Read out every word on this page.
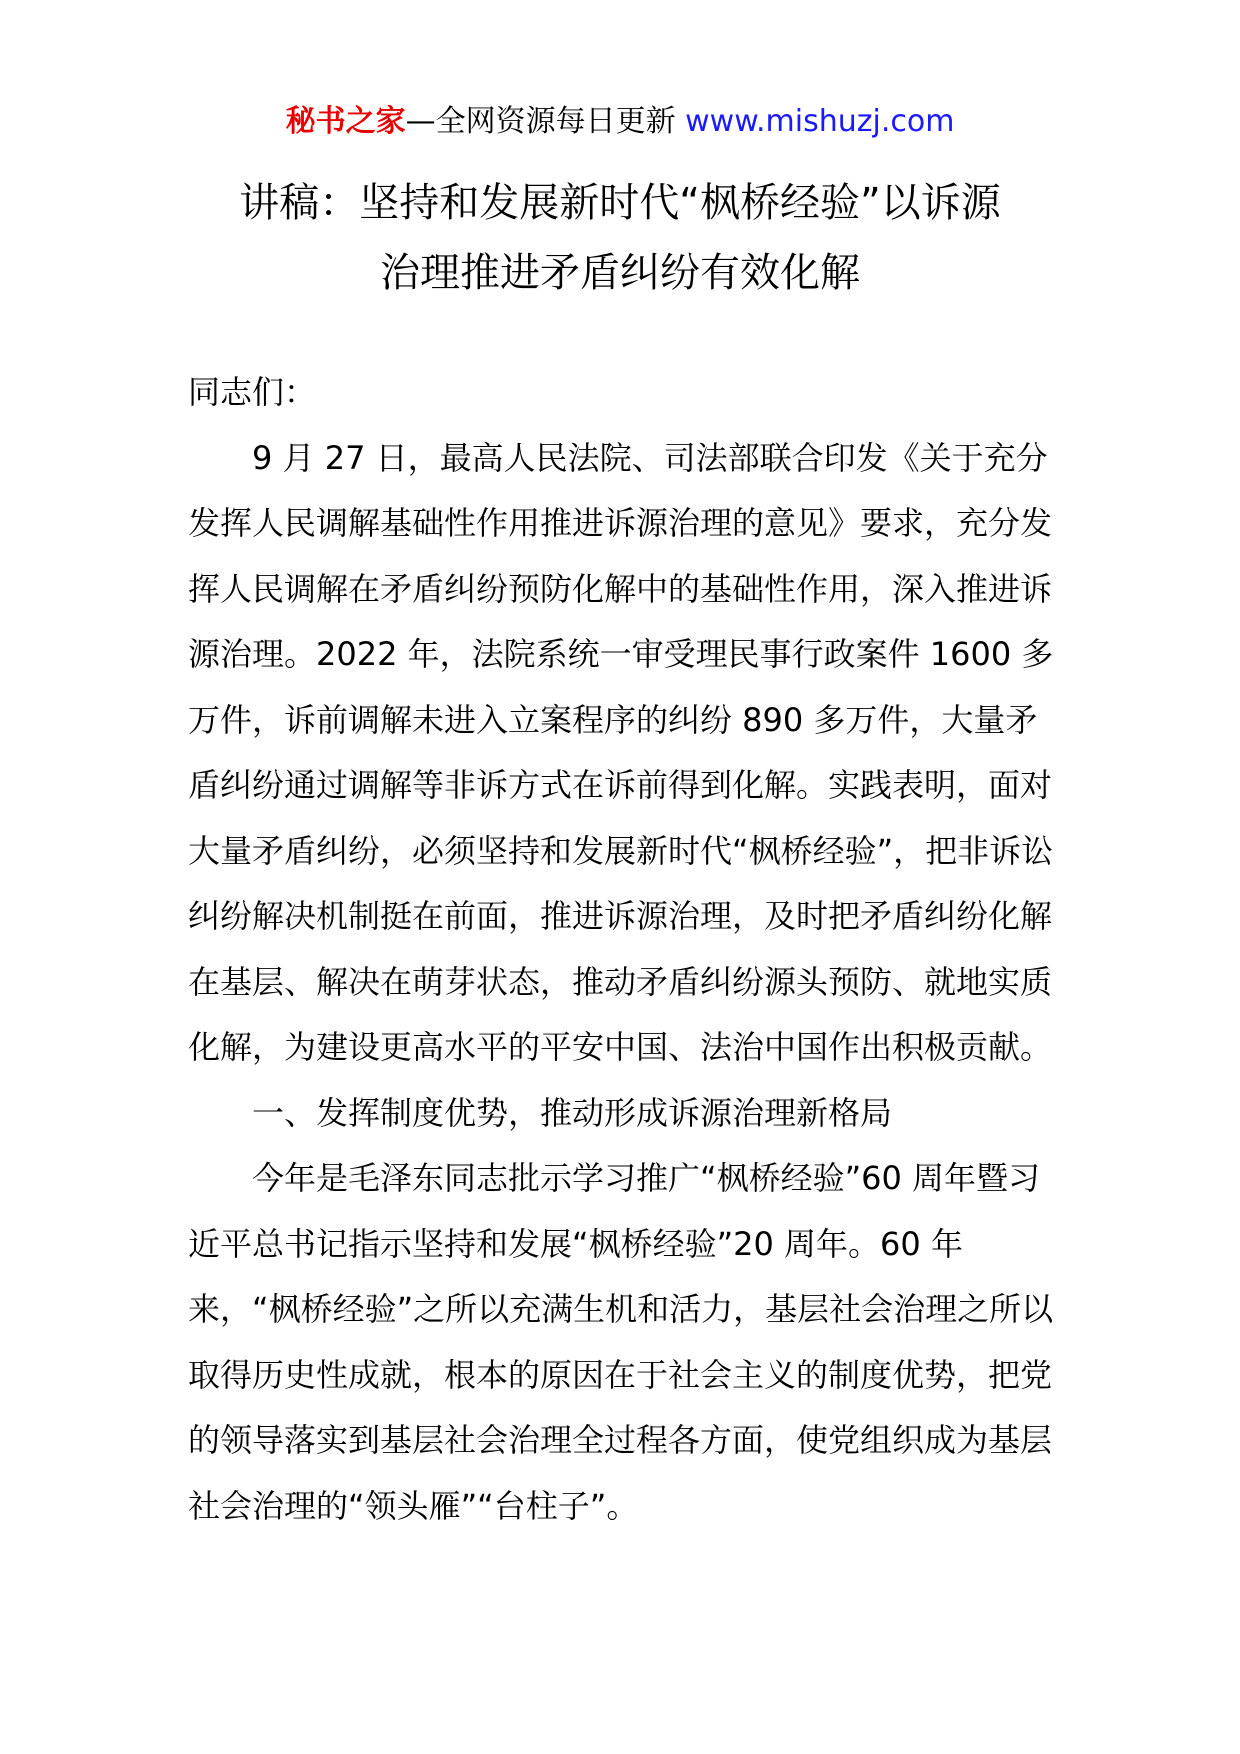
秘书之家—全网资源每日更新 www.mishuzj.com
讲稿：坚持和发展新时代“枫桥经验”以诉源
治理推进矛盾纠纷有效化解

同志们：

9 月 27 日，最高人民法院、司法部联合印发《关于充分发挥人民调解基础性作用推进诉源治理的意见》要求，充分发挥人民调解在矛盾纠纷预防化解中的基础性作用，深入推进诉源治理。2022 年，法院系统一审受理民事行政案件 1600 多万件，诉前调解未进入立案程序的纠纷 890 多万件，大量矛盾纠纷通过调解等非诉方式在诉前得到化解。实践表明，面对大量矛盾纠纷，必须坚持和发展新时代“枫桥经验”，把非诉讼纠纷解决机制挺在前面，推进诉源治理，及时把矛盾纠纷化解在基层、解决在萌芽状态，推动矛盾纠纷源头预防、就地实质化解，为建设更高水平的平安中国、法治中国作出积极贡献。

一、发挥制度优势，推动形成诉源治理新格局

今年是毛泽东同志批示学习推广“枫桥经验”60 周年暨习近平总书记指示坚持和发展“枫桥经验”20 周年。60 年来，“枫桥经验”之所以充满生机和活力，基层社会治理之所以取得历史性成就，根本的原因在于社会主义的制度优势，把党的领导落实到基层社会治理全过程各方面，使党组织成为基层社会治理的“领头雁”“台柱子”。
